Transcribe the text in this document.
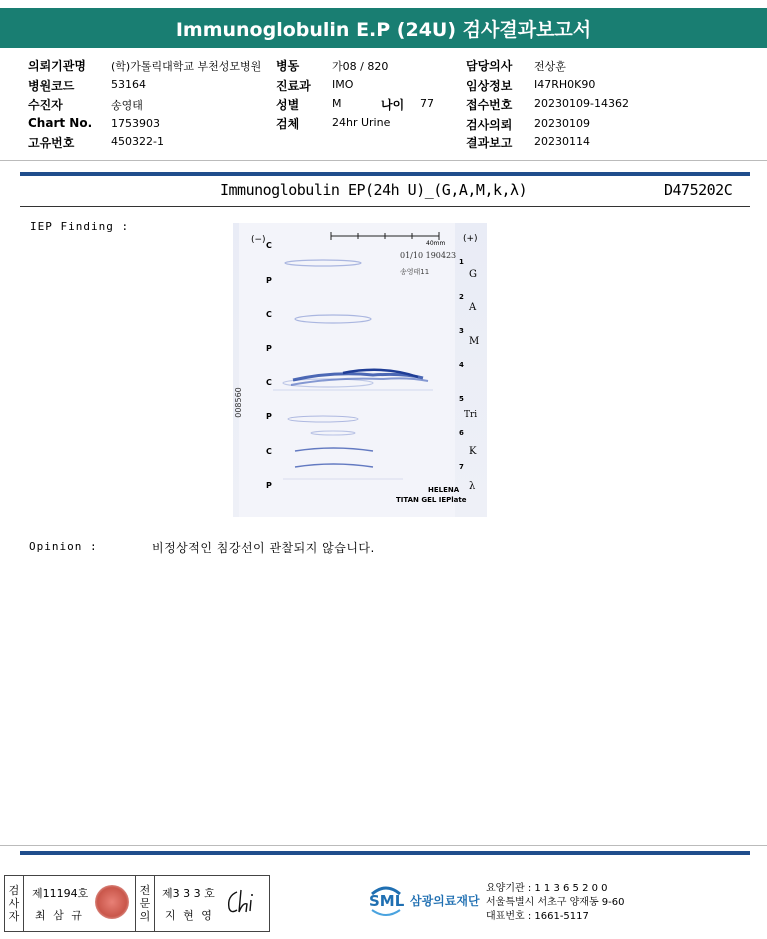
Immunoglobulin E.P (24U) 검사결과보고서
의뢰기관명 (학)가톨릭대학교 부천성모병원
병원코드	53164
수진자	송영태
Chart No. 1753903
고유번호	450322-1
병동	가08 / 820
진료과 IMO
성별	M	나이 77
검체	24hr Urine
담당의사 전상훈
임상정보 I47RH0K90
접수번호 20230109-14362
검사의뢰 20230109
결과보고 20230114
Immunoglobulin EP(24h U)_(G,A,M,k,λ)	D475202C
IEP Finding :
(−)	(+)
40mm
01/10 190423
송영태11
008560
C
P
C
P
C
P
C
P
1
2
3
4
5
6
7
G
A
M
Tri
K
λ
HELENA
TITAN GEL IEPlate
Opinion :	비정상적인 침강선이 관찰되지 않습니다.
검
사
자
제11194호
최 삼 규
전
문
의
제3 3 3 호
지 현 영
SML 삼광의료재단
요양기관 : 1 1 3 6 5 2 0 0
서울특별시 서초구 양재동 9-60
대표번호 : 1661-5117
